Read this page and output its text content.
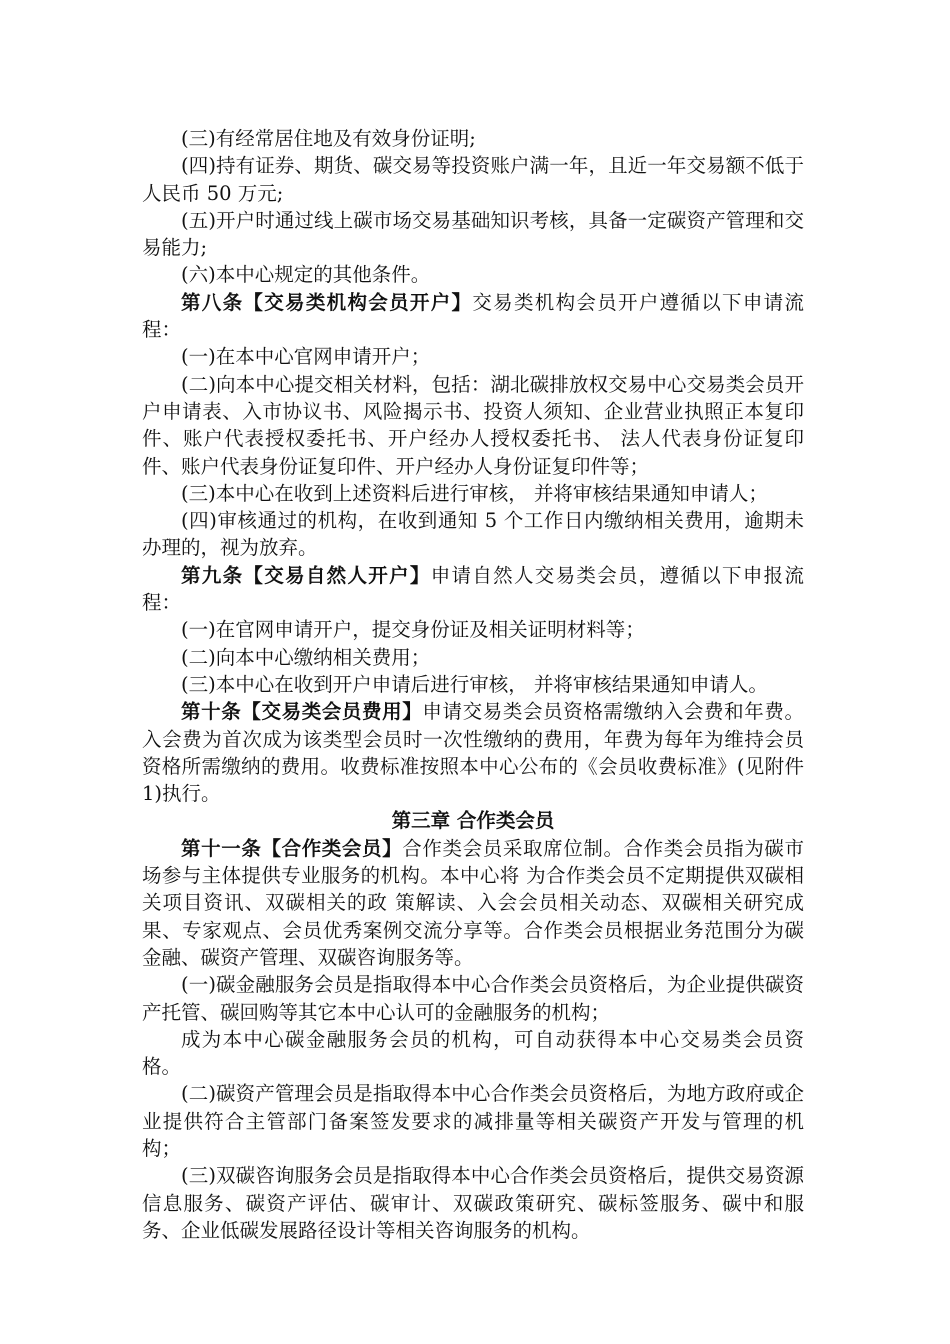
(三)有经常居住地及有效身份证明;

(四)持有证券、期货、碳交易等投资账户满一年，且近一年交易额不低于人民币 50 万元;

(五)开户时通过线上碳市场交易基础知识考核，具备一定碳资产管理和交易能力;

(六)本中心规定的其他条件。

第八条【交易类机构会员开户】交易类机构会员开户遵循以下申请流程：

(一)在本中心官网申请开户；

(二)向本中心提交相关材料，包括：湖北碳排放权交易中心交易类会员开户申请表、入市协议书、风险揭示书、投资人须知、企业营业执照正本复印件、账户代表授权委托书、开户经办人授权委托书、 法人代表身份证复印件、账户代表身份证复印件、开户经办人身份证复印件等；

(三)本中心在收到上述资料后进行审核， 并将审核结果通知申请人；

(四)审核通过的机构，在收到通知 5 个工作日内缴纳相关费用，逾期未办理的，视为放弃。

第九条【交易自然人开户】申请自然人交易类会员，遵循以下申报流程：

(一)在官网申请开户，提交身份证及相关证明材料等；

(二)向本中心缴纳相关费用；

(三)本中心在收到开户申请后进行审核， 并将审核结果通知申请人。

第十条【交易类会员费用】申请交易类会员资格需缴纳入会费和年费。入会费为首次成为该类型会员时一次性缴纳的费用，年费为每年为维持会员资格所需缴纳的费用。收费标准按照本中心公布的《会员收费标准》(见附件 1)执行。

第三章 合作类会员

第十一条【合作类会员】合作类会员采取席位制。合作类会员指为碳市场参与主体提供专业服务的机构。本中心将 为合作类会员不定期提供双碳相关项目资讯、双碳相关的政 策解读、入会会员相关动态、双碳相关研究成果、专家观点、会员优秀案例交流分享等。合作类会员根据业务范围分为碳金融、碳资产管理、双碳咨询服务等。

(一)碳金融服务会员是指取得本中心合作类会员资格后，为企业提供碳资产托管、碳回购等其它本中心认可的金融服务的机构；

成为本中心碳金融服务会员的机构，可自动获得本中心交易类会员资格。

(二)碳资产管理会员是指取得本中心合作类会员资格后，为地方政府或企业提供符合主管部门备案签发要求的减排量等相关碳资产开发与管理的机构；

(三)双碳咨询服务会员是指取得本中心合作类会员资格后，提供交易资源信息服务、碳资产评估、碳审计、双碳政策研究、碳标签服务、碳中和服务、企业低碳发展路径设计等相关咨询服务的机构。
